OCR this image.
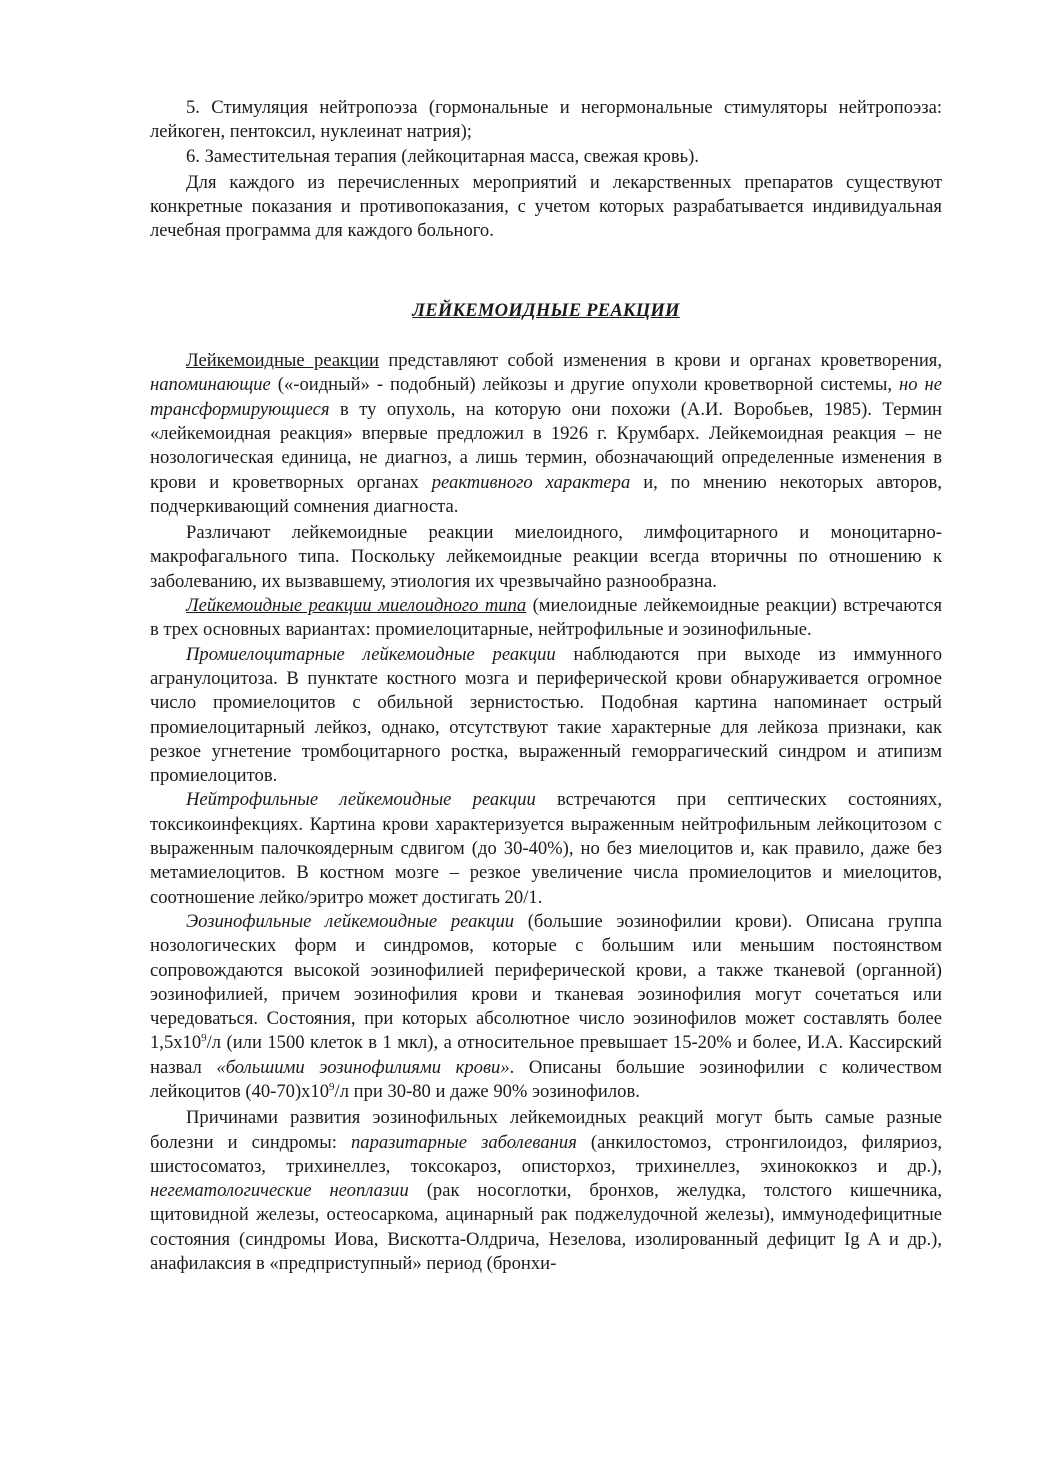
5. Стимуляция нейтропоэза (гормональные и негормональные стимуляторы нейтропоэза: лейкоген, пентоксил, нуклеинат натрия);

6. Заместительная терапия (лейкоцитарная масса, свежая кровь).

Для каждого из перечисленных мероприятий и лекарственных препаратов существуют конкретные показания и противопоказания, с учетом которых разрабатывается индивидуальная лечебная программа для каждого больного.

ЛЕЙКЕМОИДНЫЕ РЕАКЦИИ

Лейкемоидные реакции представляют собой изменения в крови и органах кроветворения, напоминающие («-оидный» - подобный) лейкозы и другие опухоли кроветворной системы, но не трансформирующиеся в ту опухоль, на которую они похожи (А.И. Воробьев, 1985). Термин «лейкемоидная реакция» впервые предложил в 1926 г. Крумбарх. Лейкемоидная реакция – не нозологическая единица, не диагноз, а лишь термин, обозначающий определенные изменения в крови и кроветворных органах реактивного характера и, по мнению некоторых авторов, подчеркивающий сомнения диагноста.

Различают лейкемоидные реакции миелоидного, лимфоцитарного и моноцитарно-макрофагального типа. Поскольку лейкемоидные реакции всегда вторичны по отношению к заболеванию, их вызвавшему, этиология их чрезвычайно разнообразна.

Лейкемоидные реакции миелоидного типа (миелоидные лейкемоидные реакции) встречаются в трех основных вариантах: промиелоцитарные, нейтрофильные и эозинофильные.

Промиелоцитарные лейкемоидные реакции наблюдаются при выходе из иммунного агранулоцитоза. В пунктате костного мозга и периферической крови обнаруживается огромное число промиелоцитов с обильной зернистостью. Подобная картина напоминает острый промиелоцитарный лейкоз, однако, отсутствуют такие характерные для лейкоза признаки, как резкое угнетение тромбоцитарного ростка, выраженный геморрагический синдром и атипизм промиелоцитов.

Нейтрофильные лейкемоидные реакции встречаются при септических состояниях, токсикоинфекциях. Картина крови характеризуется выраженным нейтрофильным лейкоцитозом с выраженным палочкоядерным сдвигом (до 30-40%), но без миелоцитов и, как правило, даже без метамиелоцитов. В костном мозге – резкое увеличение числа промиелоцитов и миелоцитов, соотношение лейко/эритро может достигать 20/1.

Эозинофильные лейкемоидные реакции (большие эозинофилии крови). Описана группа нозологических форм и синдромов, которые с большим или меньшим постоянством сопровождаются высокой эозинофилией периферической крови, а также тканевой (органной) эозинофилией, причем эозинофилия крови и тканевая эозинофилия могут сочетаться или чередоваться. Состояния, при которых абсолютное число эозинофилов может составлять более $1,5х10^9/л$ (или 1500 клеток в 1 мкл), а относительное превышает 15-20% и более, И.А. Кассирский назвал «большими эозинофилиями крови». Описаны большие эозинофилии с количеством лейкоцитов $(40-70)х10^9/л$ при 30-80 и даже 90% эозинофилов.

Причинами развития эозинофильных лейкемоидных реакций могут быть самые разные болезни и синдромы: паразитарные заболевания (анкилостомоз, стронгилоидоз, филяриоз, шистосоматоз, трихинеллез, токсокароз, описторхоз, трихинеллез, эхинококкоз и др.), негематологические неоплазии (рак носоглотки, бронхов, желудка, толстого кишечника, щитовидной железы, остеосаркома, ацинарный рак поджелудочной железы), иммунодефицитные состояния (синдромы Иова, Вискотта-Олдрича, Незелова, изолированный дефицит Ig A и др.), анафилаксия в «предприступный» период (бронхи-
